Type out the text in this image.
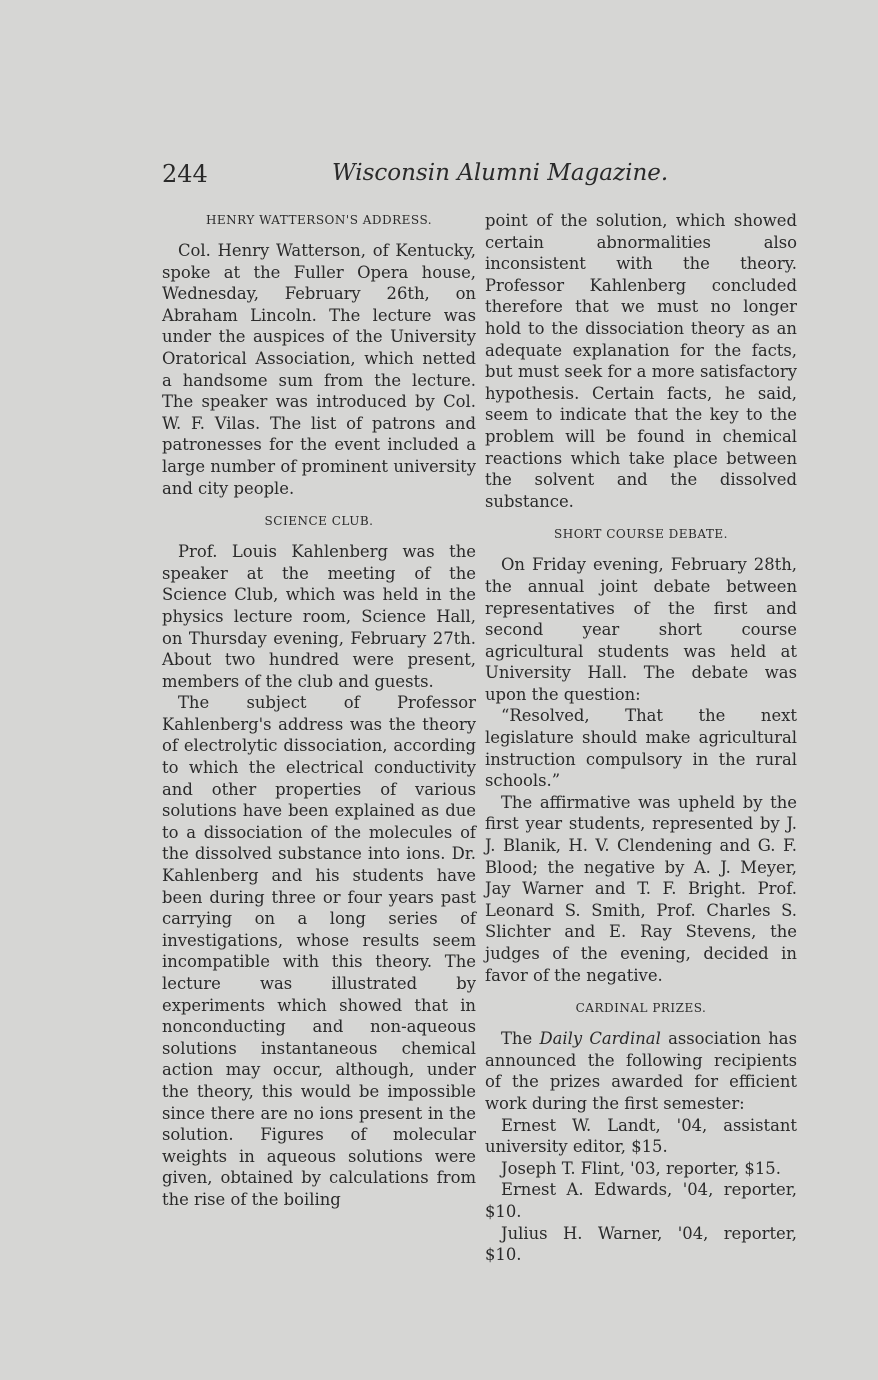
244	Wisconsin Alumni Magazine.
HENRY WATTERSON'S ADDRESS.

Col. Henry Watterson, of Kentucky, spoke at the Fuller Opera house, Wednesday, February 26th, on Abraham Lincoln. The lecture was under the auspices of the University Oratorical Association, which netted a handsome sum from the lecture. The speaker was introduced by Col. W. F. Vilas. The list of patrons and patronesses for the event included a large number of prominent university and city people.

SCIENCE CLUB.

Prof. Louis Kahlenberg was the speaker at the meeting of the Science Club, which was held in the physics lecture room, Science Hall, on Thursday evening, February 27th. About two hundred were present, members of the club and guests.

The subject of Professor Kahlenberg's address was the theory of electrolytic dissociation, according to which the electrical conductivity and other properties of various solutions have been explained as due to a dissociation of the molecules of the dissolved substance into ions. Dr. Kahlenberg and his students have been during three or four years past carrying on a long series of investigations, whose results seem incompatible with this theory. The lecture was illustrated by experiments which showed that in nonconducting and non-aqueous solutions instantaneous chemical action may occur, although, under the theory, this would be impossible since there are no ions present in the solution. Figures of molecular weights in aqueous solutions were given, obtained by calculations from the rise of the boiling

point of the solution, which showed certain abnormalities also inconsistent with the theory. Professor Kahlenberg concluded therefore that we must no longer hold to the dissociation theory as an adequate explanation for the facts, but must seek for a more satisfactory hypothesis. Certain facts, he said, seem to indicate that the key to the problem will be found in chemical reactions which take place between the solvent and the dissolved substance.

SHORT COURSE DEBATE.

On Friday evening, February 28th, the annual joint debate between representatives of the first and second year short course agricultural students was held at University Hall. The debate was upon the question:

“Resolved, That the next legislature should make agricultural instruction compulsory in the rural schools.”

The affirmative was upheld by the first year students, represented by J. J. Blanik, H. V. Clendening and G. F. Blood; the negative by A. J. Meyer, Jay Warner and T. F. Bright. Prof. Leonard S. Smith, Prof. Charles S. Slichter and E. Ray Stevens, the judges of the evening, decided in favor of the negative.

CARDINAL PRIZES.

The Daily Cardinal association has announced the following recipients of the prizes awarded for efficient work during the first semester:

Ernest W. Landt, '04, assistant university editor, $15.

Joseph T. Flint, '03, reporter, $15.

Ernest A. Edwards, '04, reporter, $10.

Julius H. Warner, '04, reporter, $10.
